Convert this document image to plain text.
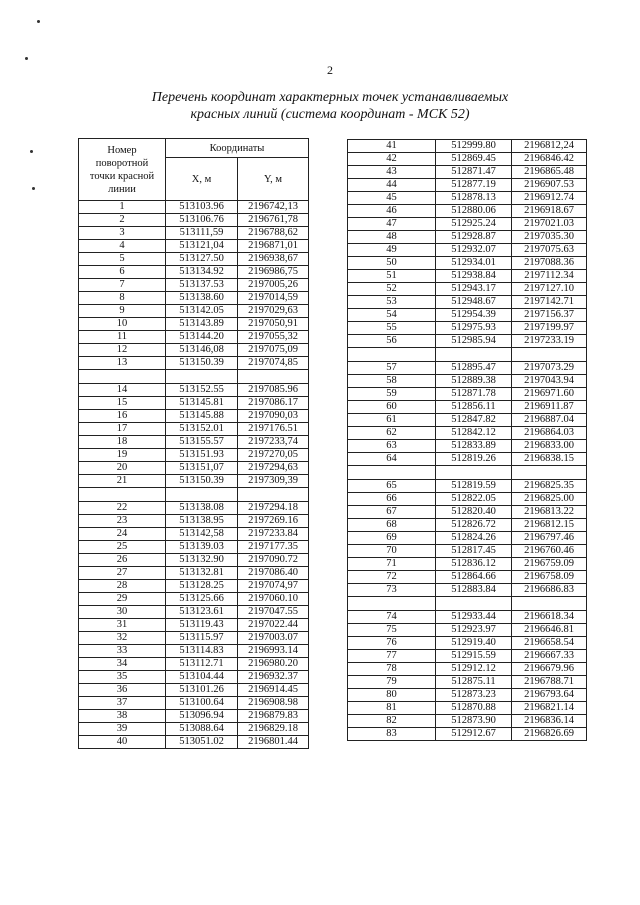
2
Перечень координат характерных точек устанавливаемых
красных линий (система координат - МСК 52)
Номер поворотной точки красной линии	Координаты	
	X, м	Y, м
1	513103.96	2196742,13
2	513106.76	2196761,78
3	513111,59	2196788,62
4	513121,04	2196871,01
5	513127.50	2196938,67
6	513134.92	2196986,75
7	513137.53	2197005,26
8	513138.60	2197014,59
9	513142.05	2197029,63
10	513143.89	2197050,91
11	513144.20	2197055,32
12	513146,08	2197075,09
13	513150.39	2197074,85

14	513152.55	2197085.96
15	513145.81	2197086.17
16	513145.88	2197090,03
17	513152.01	2197176.51
18	513155.57	2197233,74
19	513151.93	2197270,05
20	513151,07	2197294,63
21	513150.39	2197309,39

22	513138.08	2197294.18
23	513138.95	2197269.16
24	513142,58	2197233.84
25	513139.03	2197177.35
26	513132.90	2197090.72
27	513132.81	2197086.40
28	513128.25	2197074,97
29	513125.66	2197060.10
30	513123.61	2197047.55
31	513119.43	2197022.44
32	513115.97	2197003.07
33	513114.83	2196993.14
34	513112.71	2196980.20
35	513104.44	2196932.37
36	513101.26	2196914.45
37	513100.64	2196908.98
38	513096.94	2196879.83
39	513088.64	2196829.18
40	513051.02	2196801.44
41	512999.80	2196812,24
42	512869.45	2196846.42
43	512871.47	2196865.48
44	512877.19	2196907.53
45	512878.13	2196912.74
46	512880.06	2196918.67
47	512925.24	2197021.03
48	512928.87	2197035.30
49	512932.07	2197075.63
50	512934.01	2197088.36
51	512938.84	2197112.34
52	512943.17	2197127.10
53	512948.67	2197142.71
54	512954.39	2197156.37
55	512975.93	2197199.97
56	512985.94	2197233.19

57	512895.47	2197073.29
58	512889.38	2197043.94
59	512871.78	2196971.60
60	512856.11	2196911.87
61	512847.82	2196887.04
62	512842.12	2196864.03
63	512833.89	2196833.00
64	512819.26	2196838.15

65	512819.59	2196825.35
66	512822.05	2196825.00
67	512820.40	2196813.22
68	512826.72	2196812.15
69	512824.26	2196797.46
70	512817.45	2196760.46
71	512836.12	2196759.09
72	512864.66	2196758.09
73	512883.84	2196686.83

74	512933.44	2196618.34
75	512923.97	2196646.81
76	512919.40	2196658.54
77	512915.59	2196667.33
78	512912.12	2196679.96
79	512875.11	2196788.71
80	512873.23	2196793.64
81	512870.88	2196821.14
82	512873.90	2196836.14
83	512912.67	2196826.69
